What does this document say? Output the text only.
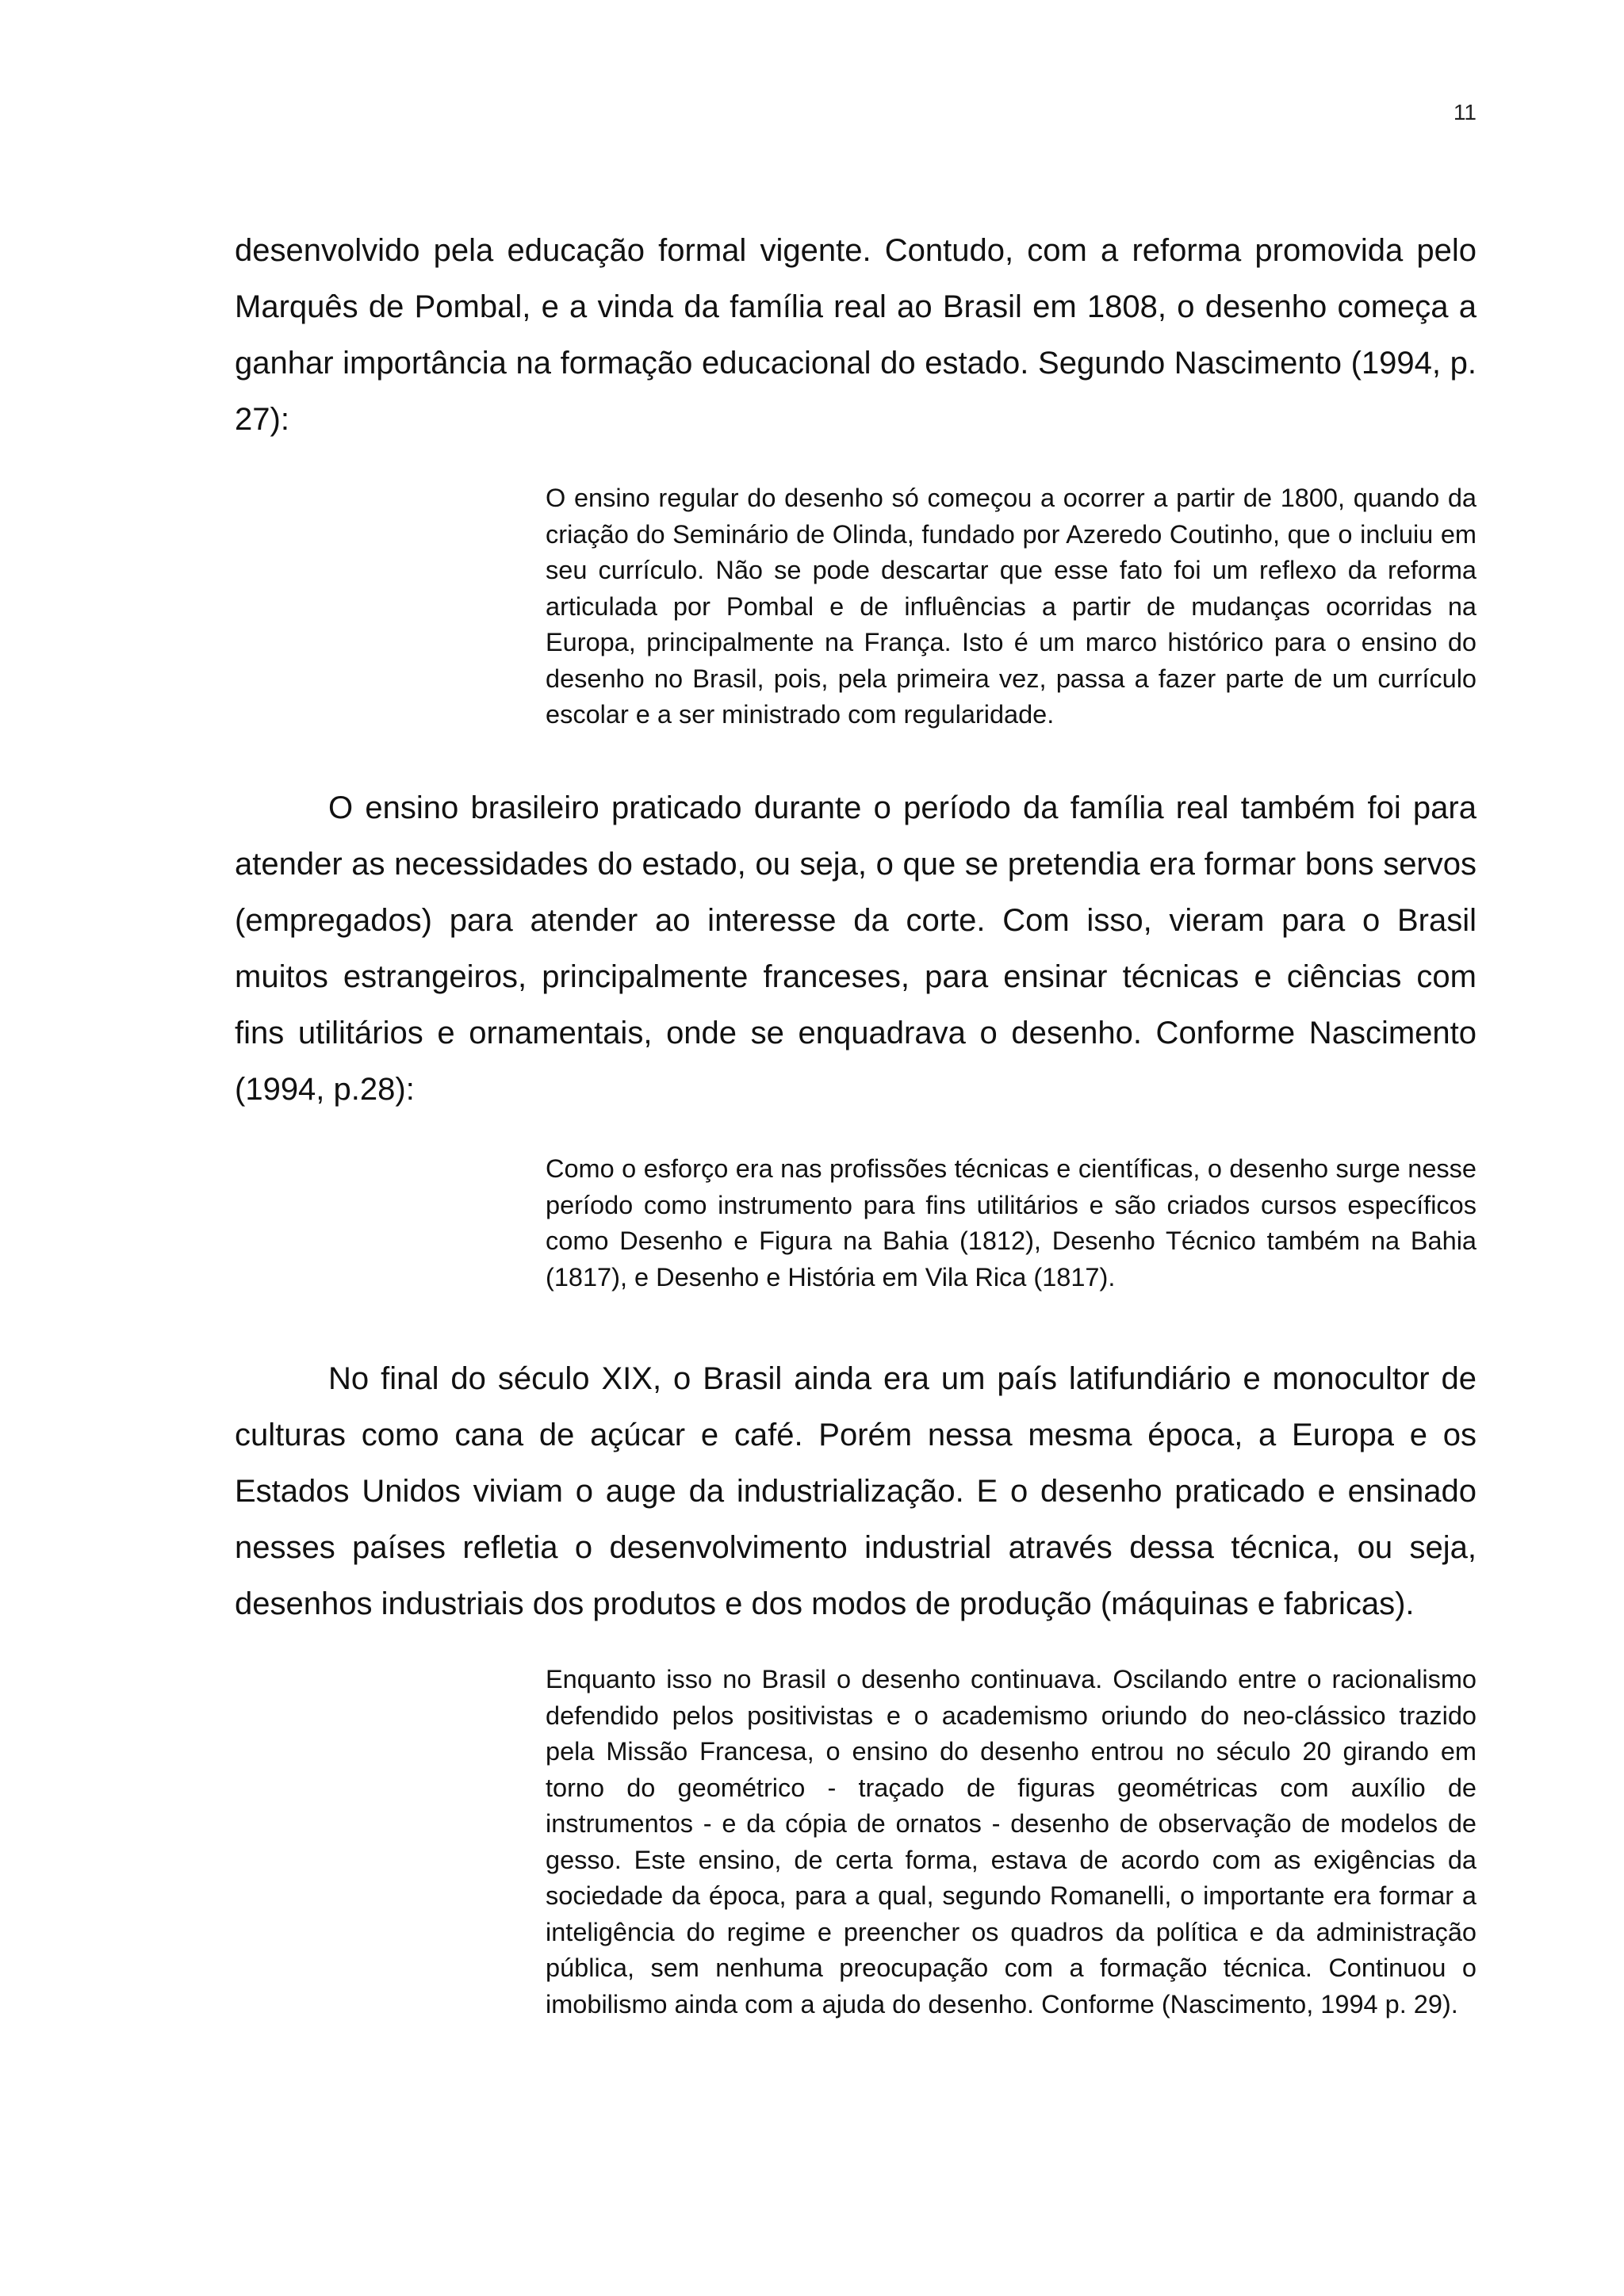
11

desenvolvido pela educação formal vigente. Contudo, com a reforma promovida pelo Marquês de Pombal, e a vinda da família real ao Brasil em 1808, o desenho começa a ganhar importância na formação educacional do estado. Segundo Nascimento (1994, p. 27):

O ensino regular do desenho só começou a ocorrer a partir de 1800, quando da criação do Seminário de Olinda, fundado por Azeredo Coutinho, que o incluiu em seu currículo. Não se pode descartar que esse fato foi um reflexo da reforma articulada por Pombal e de influências a partir de mudanças ocorridas na Europa, principalmente na França. Isto é um marco histórico para o ensino do desenho no Brasil, pois, pela primeira vez, passa a fazer parte de um currículo escolar e a ser ministrado com regularidade.

O ensino brasileiro praticado durante o período da família real também foi para atender as necessidades do estado, ou seja, o que se pretendia era formar bons servos (empregados) para atender ao interesse da corte. Com isso, vieram para o Brasil muitos estrangeiros, principalmente franceses, para ensinar técnicas e ciências com fins utilitários e ornamentais, onde se enquadrava o desenho. Conforme Nascimento (1994, p.28):

Como o esforço era nas profissões técnicas e científicas, o desenho surge nesse período como instrumento para fins utilitários e são criados cursos específicos como Desenho e Figura na Bahia (1812), Desenho Técnico também na Bahia (1817), e Desenho e História em Vila Rica (1817).

No final do século XIX, o Brasil ainda era um país latifundiário e monocultor de culturas como cana de açúcar e café. Porém nessa mesma época, a Europa e os Estados Unidos viviam o auge da industrialização. E o desenho praticado e ensinado nesses países refletia o desenvolvimento industrial através dessa técnica, ou seja, desenhos industriais dos produtos e dos modos de produção (máquinas e fabricas).

Enquanto isso no Brasil o desenho continuava. Oscilando entre o racionalismo defendido pelos positivistas e o academismo oriundo do neo-clássico trazido pela Missão Francesa, o ensino do desenho entrou no século 20 girando em torno do geométrico - traçado de figuras geométricas com auxílio de instrumentos - e da cópia de ornatos - desenho de observação de modelos de gesso. Este ensino, de certa forma, estava de acordo com as exigências da sociedade da época, para a qual, segundo Romanelli, o importante era formar a inteligência do regime e preencher os quadros da política e da administração pública, sem nenhuma preocupação com a formação técnica. Continuou o imobilismo ainda com a ajuda do desenho. Conforme (Nascimento, 1994 p. 29).
